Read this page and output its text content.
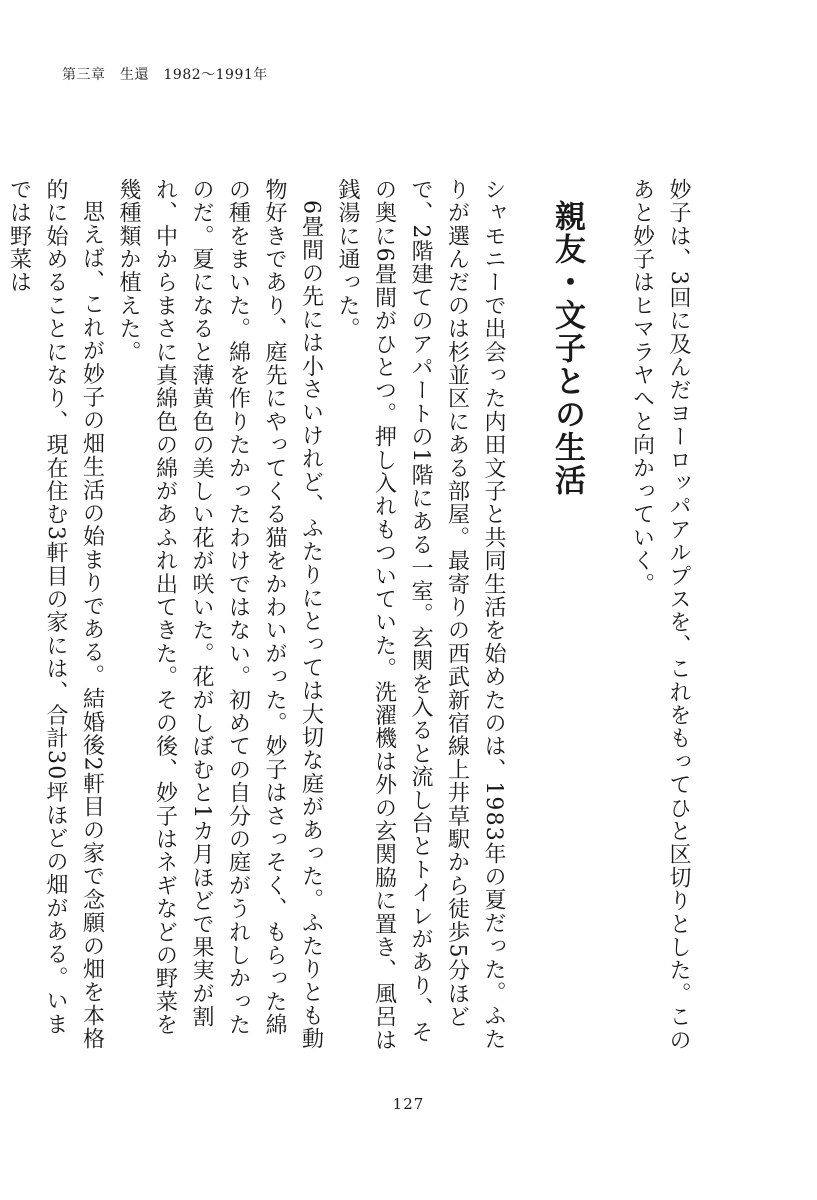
第三章　生還　1982〜1991年

妙子は、3回に及んだヨーロッパアルプスを、これをもってひと区切りとした。このあと妙子はヒマラヤへと向かっていく。

親友・文子との生活

シャモニーで出会った内田文子と共同生活を始めたのは、1983年の夏だった。ふたりが選んだのは杉並区にある部屋。最寄りの西武新宿線上井草駅から徒歩5分ほどで、2階建てのアパートの1階にある一室。玄関を入ると流し台とトイレがあり、その奥に6畳間がひとつ。押し入れもついていた。洗濯機は外の玄関脇に置き、風呂は銭湯に通った。

6畳間の先には小さいけれど、ふたりにとっては大切な庭があった。ふたりとも動物好きであり、庭先にやってくる猫をかわいがった。妙子はさっそく、もらった綿の種をまいた。綿を作りたかったわけではない。初めての自分の庭がうれしかったのだ。夏になると薄黄色の美しい花が咲いた。花がしぼむと1カ月ほどで果実が割れ、中からまさに真綿色の綿があふれ出てきた。その後、妙子はネギなどの野菜を幾種類か植えた。

思えば、これが妙子の畑生活の始まりである。結婚後2軒目の家で念願の畑を本格的に始めることになり、現在住む3軒目の家には、合計30坪ほどの畑がある。いまでは野菜は

127
